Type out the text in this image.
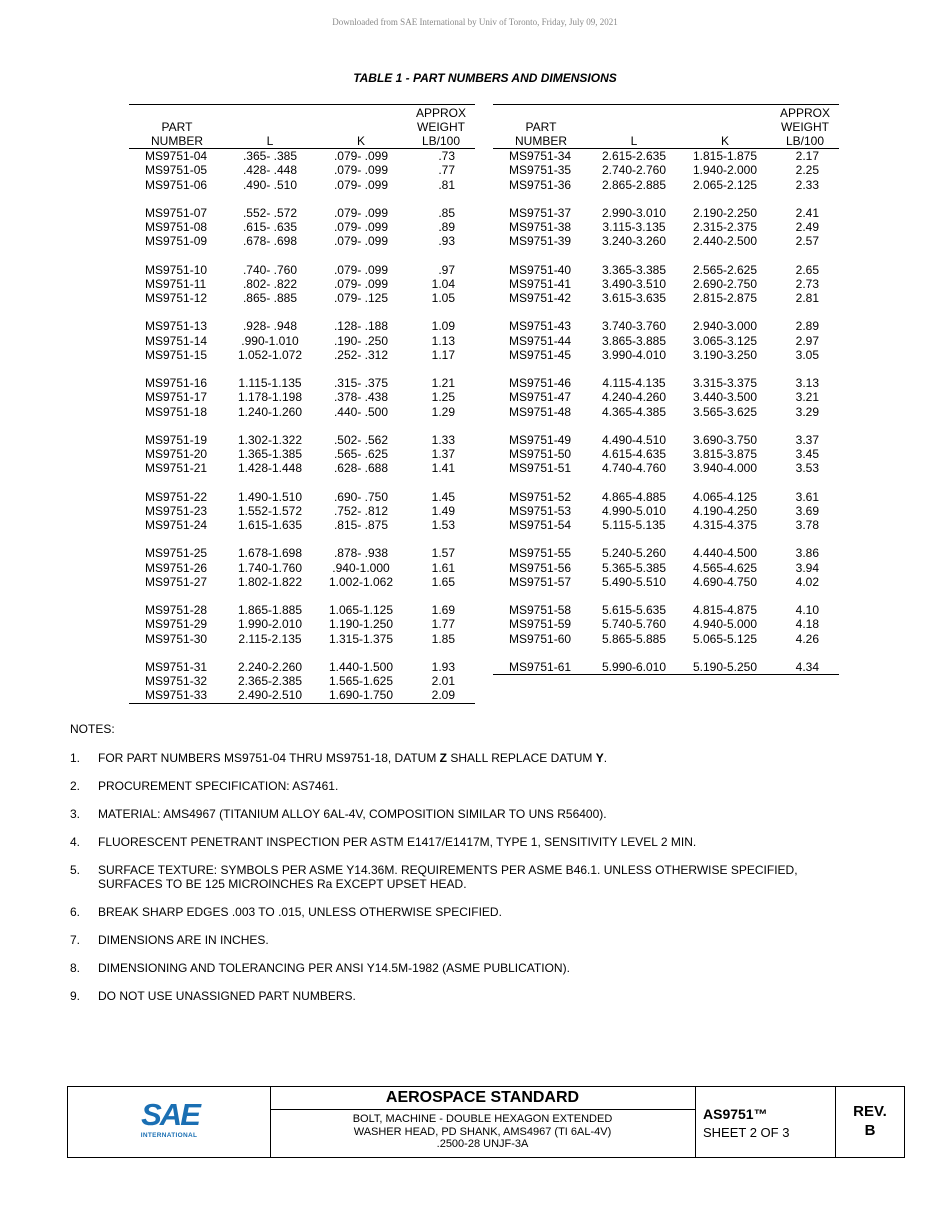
Downloaded from SAE International by Univ of Toronto, Friday, July 09, 2021
TABLE 1 - PART NUMBERS AND DIMENSIONS

PART
NUMBER	L	K	APPROX
WEIGHT
LB/100
MS9751-04	.365- .385	.079- .099	.73
MS9751-05	.428- .448	.079- .099	.77
MS9751-06	.490- .510	.079- .099	.81
MS9751-07	.552- .572	.079- .099	.85
MS9751-08	.615- .635	.079- .099	.89
MS9751-09	.678- .698	.079- .099	.93
MS9751-10	.740- .760	.079- .099	.97
MS9751-11	.802- .822	.079- .099	1.04
MS9751-12	.865- .885	.079- .125	1.05
MS9751-13	.928- .948	.128- .188	1.09
MS9751-14	.990-1.010	.190- .250	1.13
MS9751-15	1.052-1.072	.252- .312	1.17
MS9751-16	1.115-1.135	.315- .375	1.21
MS9751-17	1.178-1.198	.378- .438	1.25
MS9751-18	1.240-1.260	.440- .500	1.29
MS9751-19	1.302-1.322	.502- .562	1.33
MS9751-20	1.365-1.385	.565- .625	1.37
MS9751-21	1.428-1.448	.628- .688	1.41
MS9751-22	1.490-1.510	.690- .750	1.45
MS9751-23	1.552-1.572	.752- .812	1.49
MS9751-24	1.615-1.635	.815- .875	1.53
MS9751-25	1.678-1.698	.878- .938	1.57
MS9751-26	1.740-1.760	.940-1.000	1.61
MS9751-27	1.802-1.822	1.002-1.062	1.65
MS9751-28	1.865-1.885	1.065-1.125	1.69
MS9751-29	1.990-2.010	1.190-1.250	1.77
MS9751-30	2.115-2.135	1.315-1.375	1.85
MS9751-31	2.240-2.260	1.440-1.500	1.93
MS9751-32	2.365-2.385	1.565-1.625	2.01
MS9751-33	2.490-2.510	1.690-1.750	2.09

PART
NUMBER	L	K	APPROX
WEIGHT
LB/100
MS9751-34	2.615-2.635	1.815-1.875	2.17
MS9751-35	2.740-2.760	1.940-2.000	2.25
MS9751-36	2.865-2.885	2.065-2.125	2.33
MS9751-37	2.990-3.010	2.190-2.250	2.41
MS9751-38	3.115-3.135	2.315-2.375	2.49
MS9751-39	3.240-3.260	2.440-2.500	2.57
MS9751-40	3.365-3.385	2.565-2.625	2.65
MS9751-41	3.490-3.510	2.690-2.750	2.73
MS9751-42	3.615-3.635	2.815-2.875	2.81
MS9751-43	3.740-3.760	2.940-3.000	2.89
MS9751-44	3.865-3.885	3.065-3.125	2.97
MS9751-45	3.990-4.010	3.190-3.250	3.05
MS9751-46	4.115-4.135	3.315-3.375	3.13
MS9751-47	4.240-4.260	3.440-3.500	3.21
MS9751-48	4.365-4.385	3.565-3.625	3.29
MS9751-49	4.490-4.510	3.690-3.750	3.37
MS9751-50	4.615-4.635	3.815-3.875	3.45
MS9751-51	4.740-4.760	3.940-4.000	3.53
MS9751-52	4.865-4.885	4.065-4.125	3.61
MS9751-53	4.990-5.010	4.190-4.250	3.69
MS9751-54	5.115-5.135	4.315-4.375	3.78
MS9751-55	5.240-5.260	4.440-4.500	3.86
MS9751-56	5.365-5.385	4.565-4.625	3.94
MS9751-57	5.490-5.510	4.690-4.750	4.02
MS9751-58	5.615-5.635	4.815-4.875	4.10
MS9751-59	5.740-5.760	4.940-5.000	4.18
MS9751-60	5.865-5.885	5.065-5.125	4.26
MS9751-61	5.990-6.010	5.190-5.250	4.34

NOTES:
1. FOR PART NUMBERS MS9751-04 THRU MS9751-18, DATUM Z SHALL REPLACE DATUM Y.
2. PROCUREMENT SPECIFICATION: AS7461.
3. MATERIAL: AMS4967 (TITANIUM ALLOY 6AL-4V, COMPOSITION SIMILAR TO UNS R56400).
4. FLUORESCENT PENETRANT INSPECTION PER ASTM E1417/E1417M, TYPE 1, SENSITIVITY LEVEL 2 MIN.
5. SURFACE TEXTURE: SYMBOLS PER ASME Y14.36M. REQUIREMENTS PER ASME B46.1. UNLESS OTHERWISE SPECIFIED, SURFACES TO BE 125 MICROINCHES Ra EXCEPT UPSET HEAD.
6. BREAK SHARP EDGES .003 TO .015, UNLESS OTHERWISE SPECIFIED.
7. DIMENSIONS ARE IN INCHES.
8. DIMENSIONING AND TOLERANCING PER ANSI Y14.5M-1982 (ASME PUBLICATION).
9. DO NOT USE UNASSIGNED PART NUMBERS.
SAE
INTERNATIONAL
AEROSPACE STANDARD
BOLT, MACHINE - DOUBLE HEXAGON EXTENDED
WASHER HEAD, PD SHANK, AMS4967 (TI 6AL-4V)
.2500-28 UNJF-3A
AS9751™
SHEET 2 OF 3
REV.
B
